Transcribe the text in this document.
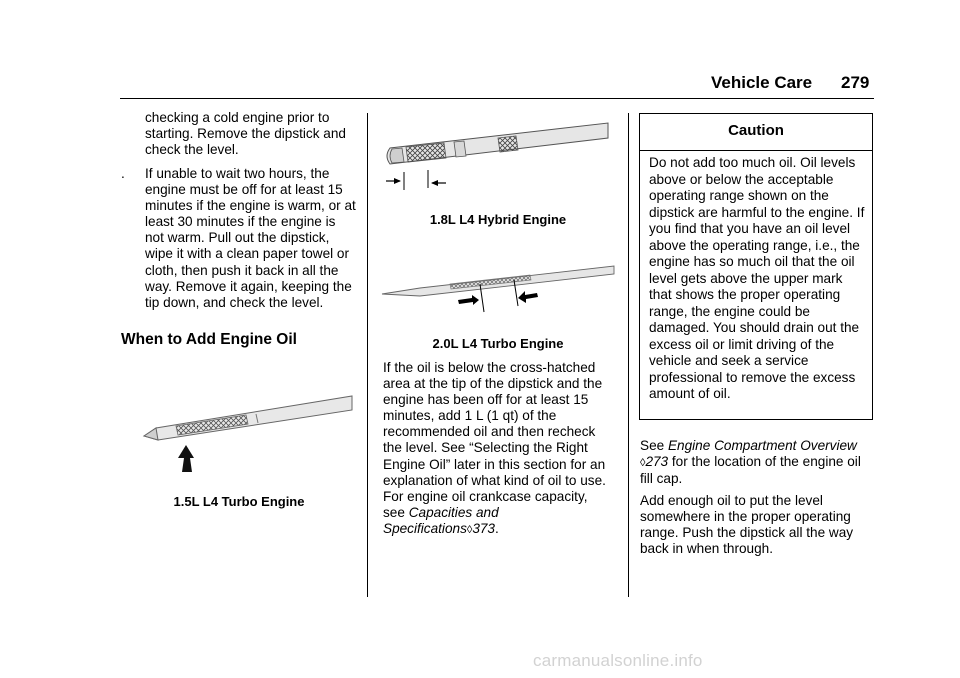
Vehicle Care 279
checking a cold engine prior to starting. Remove the dipstick and check the level.
. If unable to wait two hours, the engine must be off for at least 15 minutes if the engine is warm, or at least 30 minutes if the engine is not warm. Pull out the dipstick, wipe it with a clean paper towel or cloth, then push it back in all the way. Remove it again, keeping the tip down, and check the level.
When to Add Engine Oil
1.5L L4 Turbo Engine
1.8L L4 Hybrid Engine
2.0L L4 Turbo Engine
If the oil is below the cross-hatched area at the tip of the dipstick and the engine has been off for at least 15 minutes, add 1 L (1 qt) of the recommended oil and then recheck the level. See “Selecting the Right Engine Oil” later in this section for an explanation of what kind of oil to use. For engine oil crankcase capacity, see Capacities and Specifications◊373.
Caution
Do not add too much oil. Oil levels above or below the acceptable operating range shown on the dipstick are harmful to the engine. If you find that you have an oil level above the operating range, i.e., the engine has so much oil that the oil level gets above the upper mark that shows the proper operating range, the engine could be damaged. You should drain out the excess oil or limit driving of the vehicle and seek a service professional to remove the excess amount of oil.
See Engine Compartment Overview ◊273 for the location of the engine oil fill cap.
Add enough oil to put the level somewhere in the proper operating range. Push the dipstick all the way back in when through.
carmanualsonline.info
